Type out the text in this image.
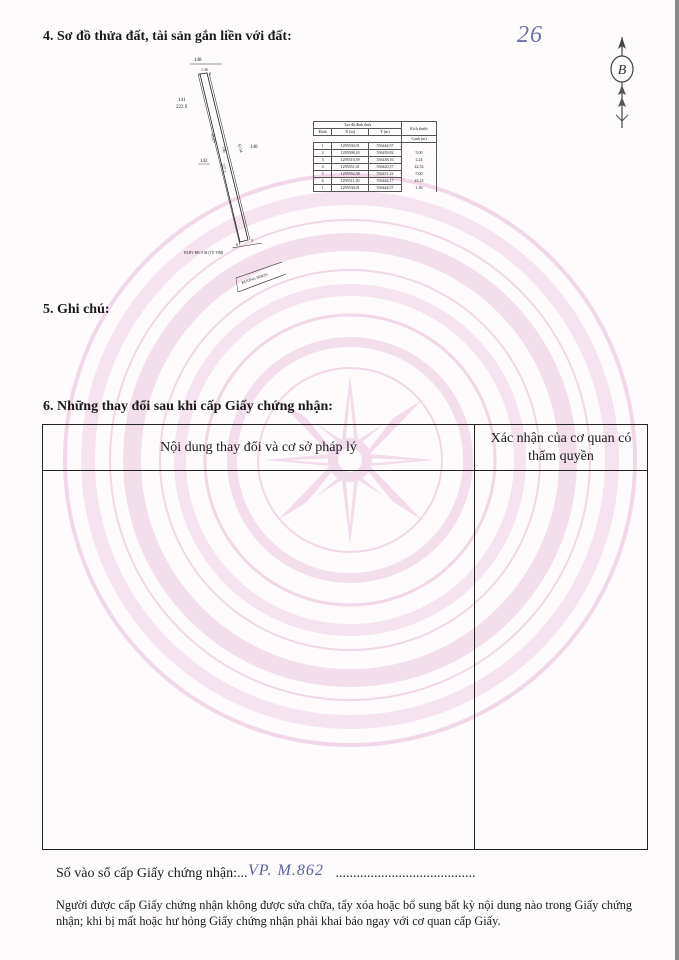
26
B
4. Sơ đồ thửa đất, tài sản gắn liền với đất:
148
1.36
141
222.9
142
140
146
227.1
43.23
42.54
1 2
3
6
HLBV ĐB: 9 M (TỪ TIM)
ĐƯỜNG NHỰA
Tọa độ đỉnh thửa			Kích thước
Đỉnh	X (m)	Y (m)	
			Cạnh (m)
1	1295530,01	556444,57	
2	1295508,43	556439,82	5.00
3	1295510,59	556438,16	2.24
4	1295551,01	556420,57	42.54
5	1295552,38	556431,22	5.00
6	1295511,30	556444,17	43.23
1	1295530,01	556444,57	1.36
5. Ghi chú:
6. Những thay đổi sau khi cấp Giấy chứng nhận:
Nội dung thay đổi và cơ sở pháp lý
Xác nhận của cơ quan có thẩm quyền
Số vào sổ cấp Giấy chứng nhận:...	........................................
VP. M.862
Người được cấp Giấy chứng nhận không được sửa chữa, tẩy xóa hoặc bổ sung bất kỳ nội dung nào trong Giấy chứng nhận; khi bị mất hoặc hư hỏng Giấy chứng nhận phải khai báo ngay với cơ quan cấp Giấy.
